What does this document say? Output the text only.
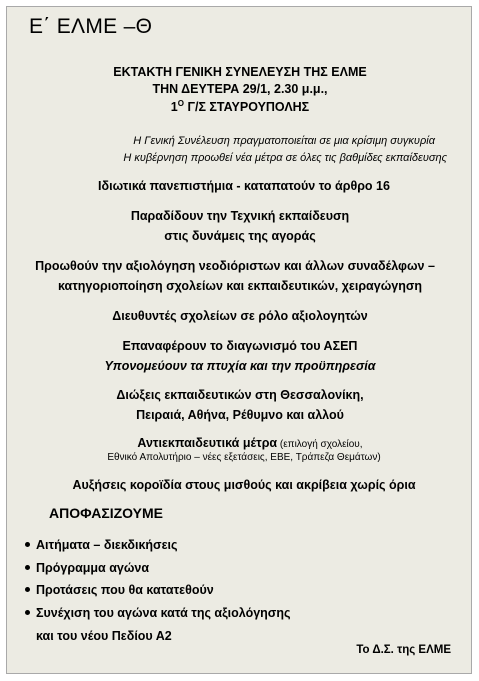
Ε΄ ΕΛΜΕ –Θ
ΕΚΤΑΚΤΗ ΓΕΝΙΚΗ ΣΥΝΕΛΕΥΣΗ ΤΗΣ ΕΛΜΕ
ΤΗΝ ΔΕΥΤΕΡΑ 29/1, 2.30 μ.μ.,
$1^O$ Γ/Σ ΣΤΑΥΡΟΥΠΟΛΗΣ
Η Γενική Συνέλευση πραγματοποιείται σε μια κρίσιμη συγκυρία
Η κυβέρνηση προωθεί νέα μέτρα σε όλες τις βαθμίδες εκπαίδευσης
Ιδιωτικά πανεπιστήμια - καταπατούν το άρθρο 16
Παραδίδουν την Τεχνική εκπαίδευση
στις δυνάμεις της αγοράς
Προωθούν την αξιολόγηση νεοδιόριστων και άλλων συναδέλφων –
κατηγοριοποίηση σχολείων και εκπαιδευτικών, χειραγώγηση
Διευθυντές σχολείων σε ρόλο αξιολογητών
Επαναφέρουν το διαγωνισμό του ΑΣΕΠ
Υπονομεύουν τα πτυχία και την προϋπηρεσία
Διώξεις εκπαιδευτικών στη Θεσσαλονίκη,
Πειραιά, Αθήνα, Ρέθυμνο και αλλού
Αντιεκπαιδευτικά μέτρα (επιλογή σχολείου,
Εθνικό Απολυτήριο – νέες εξετάσεις, ΕΒΕ, Τράπεζα Θεμάτων)
Αυξήσεις κοροϊδία στους μισθούς και ακρίβεια χωρίς όρια
ΑΠΟΦΑΣΙΖΟΥΜΕ
Αιτήματα – διεκδικήσεις
Πρόγραμμα αγώνα
Προτάσεις που θα κατατεθούν
Συνέχιση του αγώνα κατά της αξιολόγησης
και του νέου Πεδίου Α2
Το Δ.Σ. της ΕΛΜΕ
